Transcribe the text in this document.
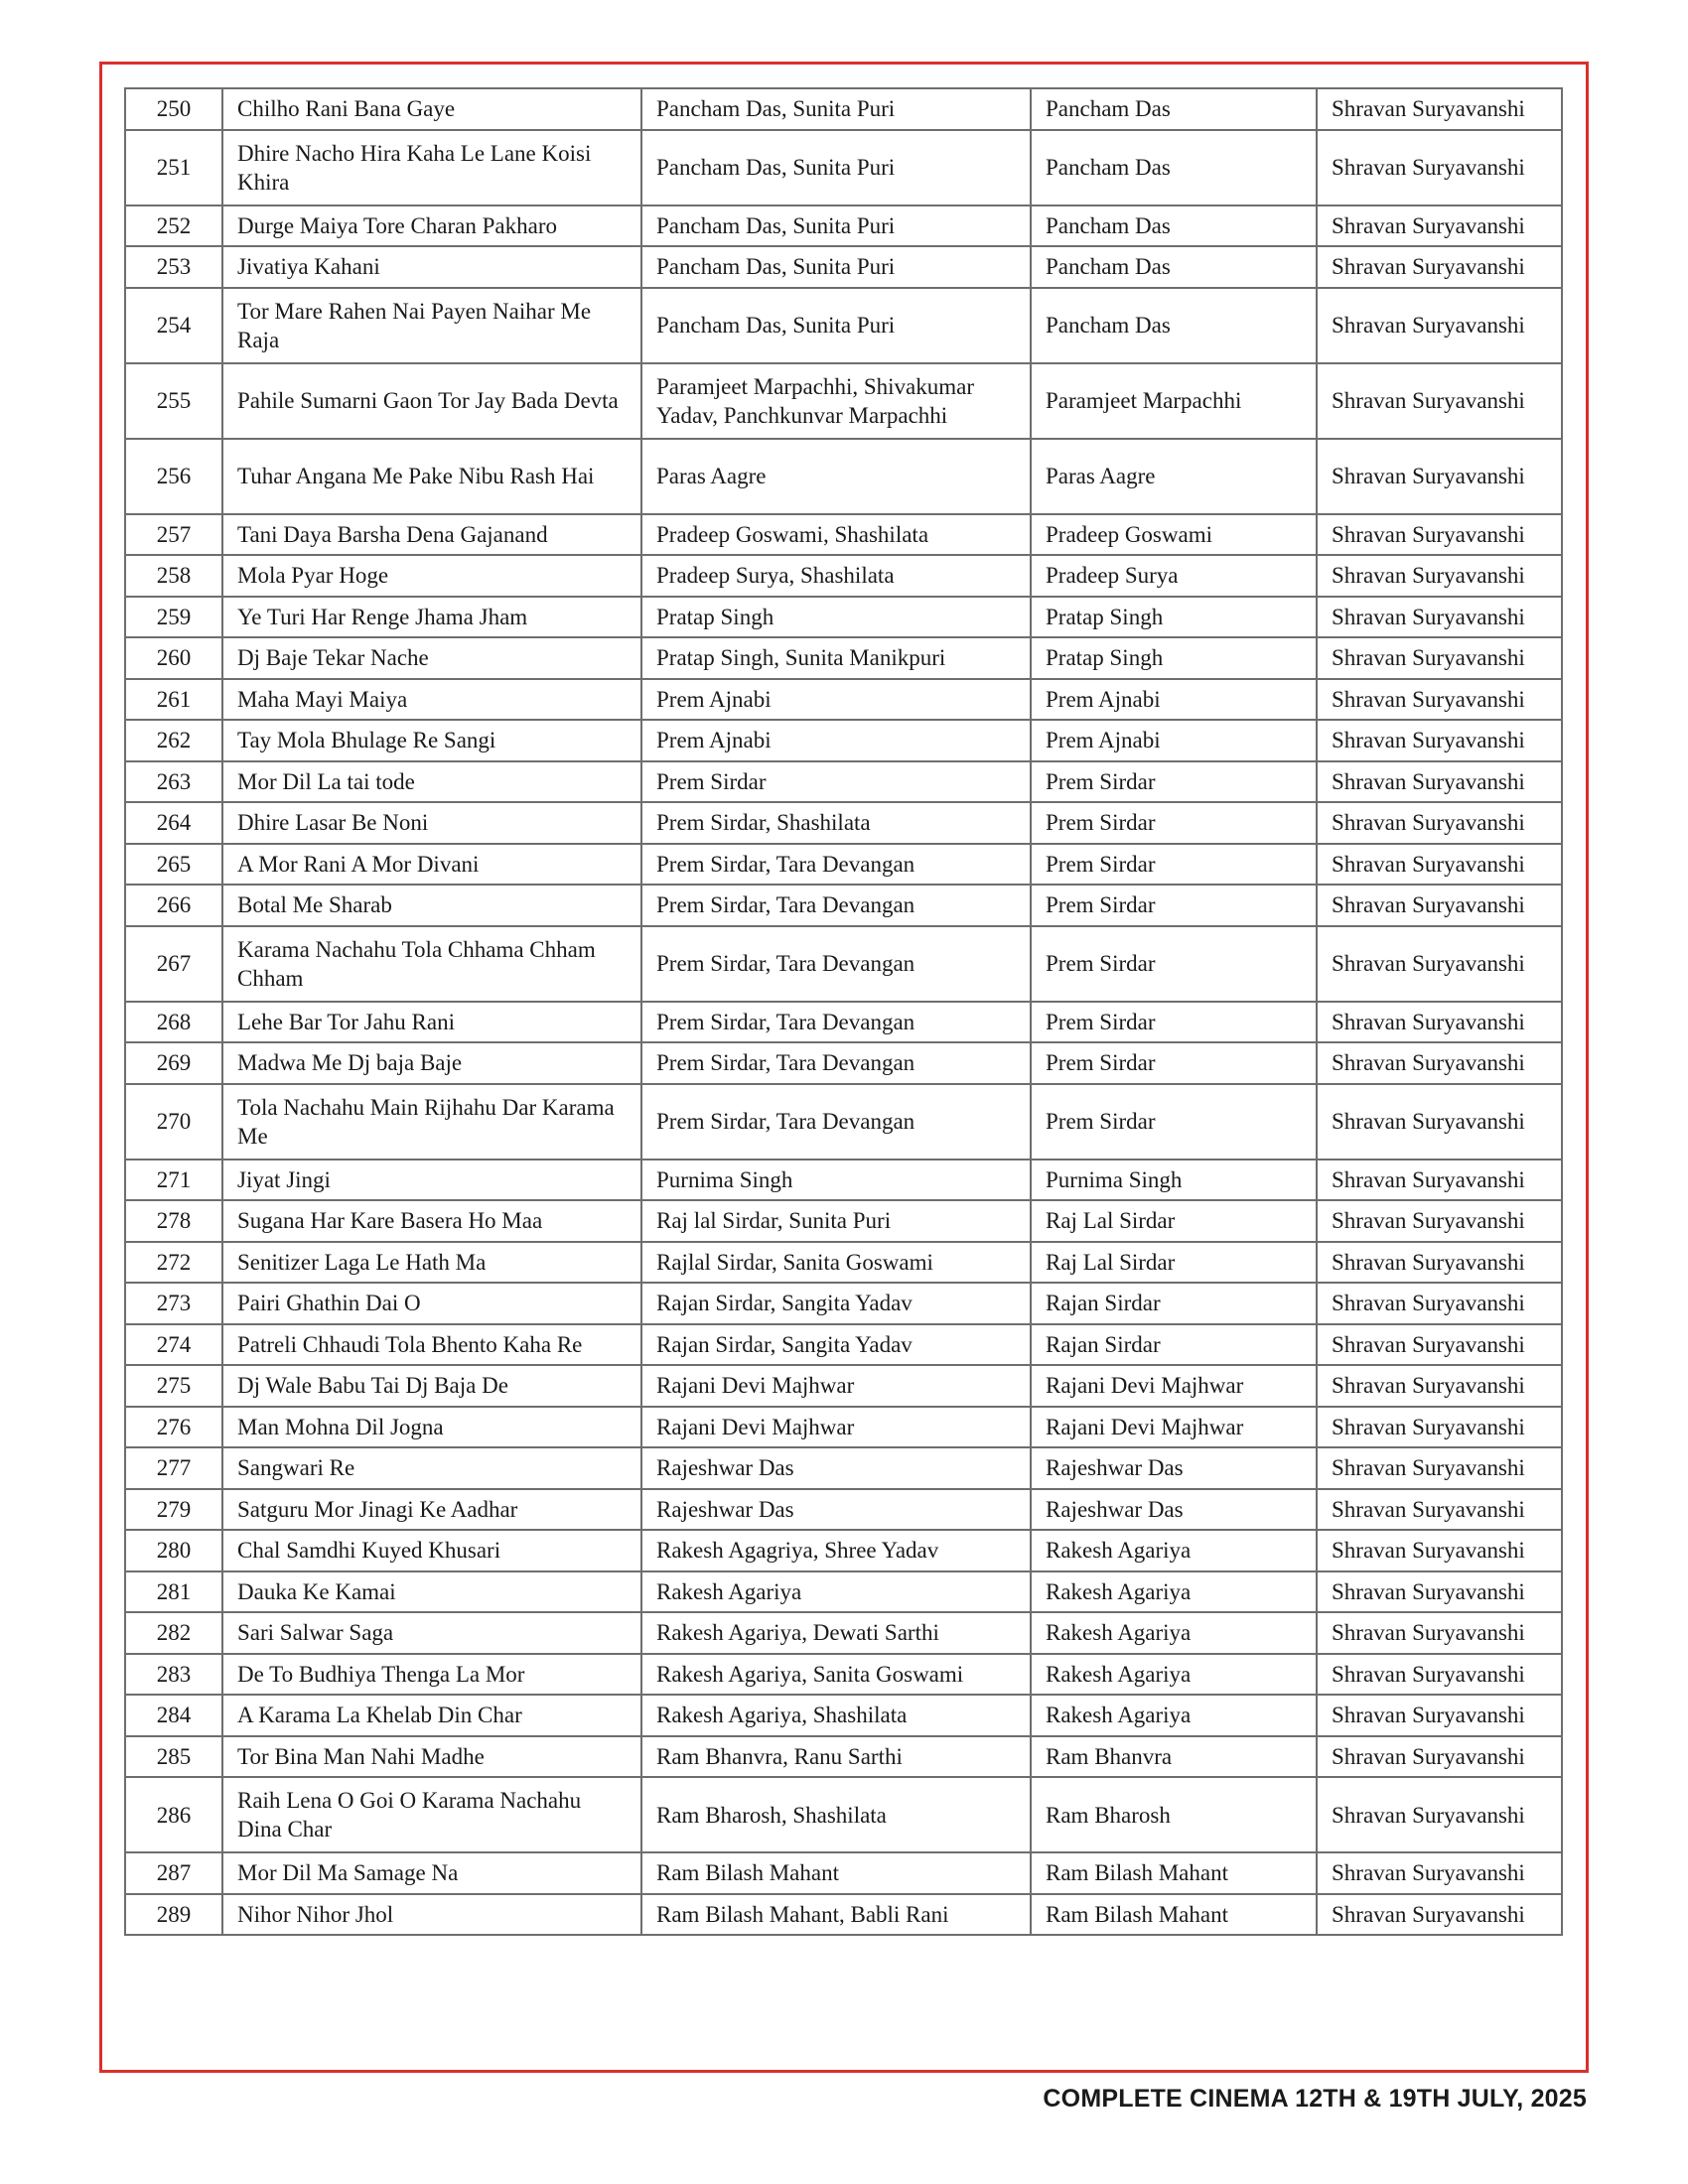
250	Chilho Rani Bana Gaye	Pancham Das, Sunita Puri	Pancham Das	Shravan Suryavanshi
251	Dhire Nacho Hira Kaha Le Lane Koisi Khira	Pancham Das, Sunita Puri	Pancham Das	Shravan Suryavanshi
252	Durge Maiya Tore Charan Pakharo	Pancham Das, Sunita Puri	Pancham Das	Shravan Suryavanshi
253	Jivatiya Kahani	Pancham Das, Sunita Puri	Pancham Das	Shravan Suryavanshi
254	Tor Mare Rahen Nai Payen Naihar Me Raja	Pancham Das, Sunita Puri	Pancham Das	Shravan Suryavanshi
255	Pahile Sumarni Gaon Tor Jay Bada Devta	Paramjeet Marpachhi, Shivakumar Yadav, Panchkunvar Marpachhi	Paramjeet Marpachhi	Shravan Suryavanshi
256	Tuhar Angana Me Pake Nibu Rash Hai	Paras Aagre	Paras Aagre	Shravan Suryavanshi
257	Tani Daya Barsha Dena Gajanand	Pradeep Goswami, Shashilata	Pradeep Goswami	Shravan Suryavanshi
258	Mola Pyar Hoge	Pradeep Surya, Shashilata	Pradeep Surya	Shravan Suryavanshi
259	Ye Turi Har Renge Jhama Jham	Pratap Singh	Pratap Singh	Shravan Suryavanshi
260	Dj Baje Tekar Nache	Pratap Singh, Sunita Manikpuri	Pratap Singh	Shravan Suryavanshi
261	Maha Mayi Maiya	Prem Ajnabi	Prem Ajnabi	Shravan Suryavanshi
262	Tay Mola Bhulage Re Sangi	Prem Ajnabi	Prem Ajnabi	Shravan Suryavanshi
263	Mor Dil La tai tode	Prem Sirdar	Prem Sirdar	Shravan Suryavanshi
264	Dhire Lasar Be Noni	Prem Sirdar, Shashilata	Prem Sirdar	Shravan Suryavanshi
265	A Mor Rani A Mor Divani	Prem Sirdar, Tara Devangan	Prem Sirdar	Shravan Suryavanshi
266	Botal Me Sharab	Prem Sirdar, Tara Devangan	Prem Sirdar	Shravan Suryavanshi
267	Karama Nachahu Tola Chhama Chham Chham	Prem Sirdar, Tara Devangan	Prem Sirdar	Shravan Suryavanshi
268	Lehe Bar Tor Jahu Rani	Prem Sirdar, Tara Devangan	Prem Sirdar	Shravan Suryavanshi
269	Madwa Me Dj baja Baje	Prem Sirdar, Tara Devangan	Prem Sirdar	Shravan Suryavanshi
270	Tola Nachahu Main Rijhahu Dar Karama Me	Prem Sirdar, Tara Devangan	Prem Sirdar	Shravan Suryavanshi
271	Jiyat Jingi	Purnima Singh	Purnima Singh	Shravan Suryavanshi
278	Sugana Har Kare Basera Ho Maa	Raj lal Sirdar, Sunita Puri	Raj Lal Sirdar	Shravan Suryavanshi
272	Senitizer Laga Le Hath Ma	Rajlal Sirdar, Sanita Goswami	Raj Lal Sirdar	Shravan Suryavanshi
273	Pairi Ghathin Dai O	Rajan Sirdar, Sangita Yadav	Rajan Sirdar	Shravan Suryavanshi
274	Patreli Chhaudi Tola Bhento Kaha Re	Rajan Sirdar, Sangita Yadav	Rajan Sirdar	Shravan Suryavanshi
275	Dj Wale Babu Tai Dj Baja De	Rajani Devi Majhwar	Rajani Devi Majhwar	Shravan Suryavanshi
276	Man Mohna Dil Jogna	Rajani Devi Majhwar	Rajani Devi Majhwar	Shravan Suryavanshi
277	Sangwari Re	Rajeshwar Das	Rajeshwar Das	Shravan Suryavanshi
279	Satguru Mor Jinagi Ke Aadhar	Rajeshwar Das	Rajeshwar Das	Shravan Suryavanshi
280	Chal Samdhi Kuyed Khusari	Rakesh Agagriya, Shree Yadav	Rakesh Agariya	Shravan Suryavanshi
281	Dauka Ke Kamai	Rakesh Agariya	Rakesh Agariya	Shravan Suryavanshi
282	Sari Salwar Saga	Rakesh Agariya, Dewati Sarthi	Rakesh Agariya	Shravan Suryavanshi
283	De To Budhiya Thenga La Mor	Rakesh Agariya, Sanita Goswami	Rakesh Agariya	Shravan Suryavanshi
284	A Karama La Khelab Din Char	Rakesh Agariya, Shashilata	Rakesh Agariya	Shravan Suryavanshi
285	Tor Bina Man Nahi Madhe	Ram Bhanvra, Ranu Sarthi	Ram Bhanvra	Shravan Suryavanshi
286	Raih Lena O Goi O Karama Nachahu Dina Char	Ram Bharosh, Shashilata	Ram Bharosh	Shravan Suryavanshi
287	Mor Dil Ma Samage Na	Ram Bilash Mahant	Ram Bilash Mahant	Shravan Suryavanshi
289	Nihor Nihor Jhol	Ram Bilash Mahant, Babli Rani	Ram Bilash Mahant	Shravan Suryavanshi
COMPLETE CINEMA 12TH & 19TH JULY, 2025
